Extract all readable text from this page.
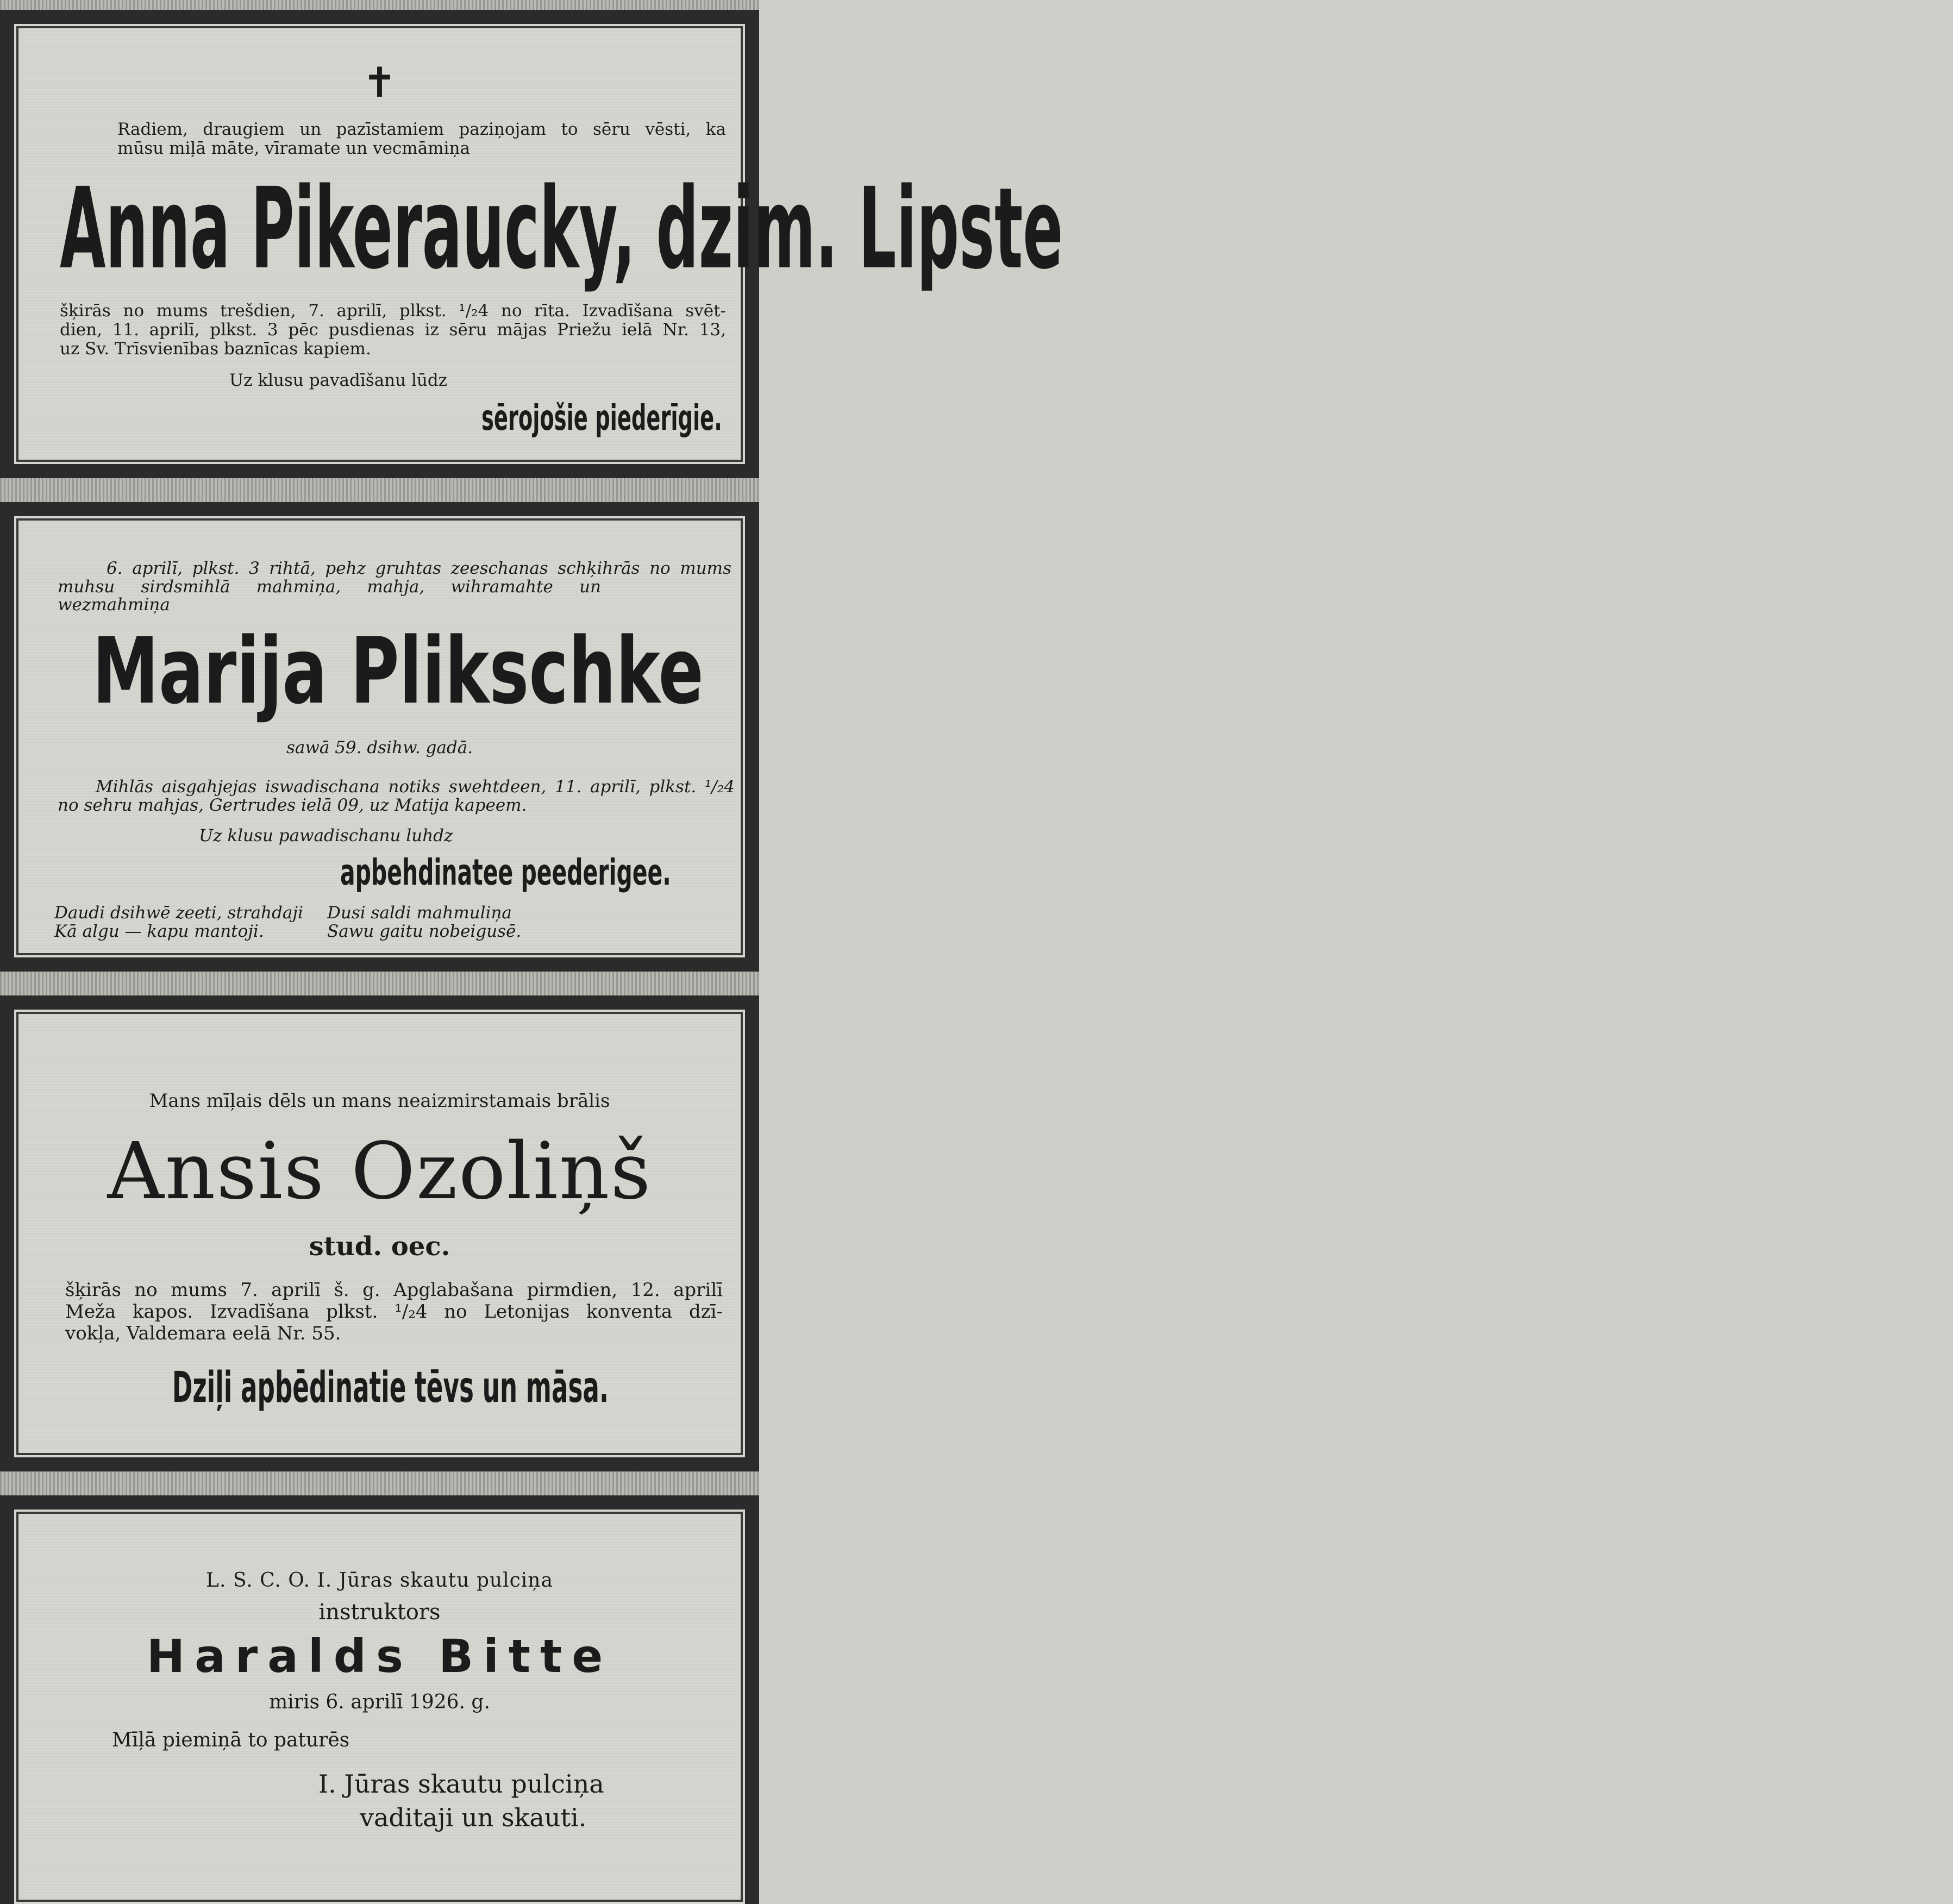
✝

Radiem, draugiem un pazīstamiem paziņojam to sēru vēsti, ka

mūsu miļā māte, vīramate un vecmāmiņa

Anna Pikeraucky, dzim. Lipste

šķirās no mums trešdien, 7. aprilī, plkst. ¹/₂4 no rīta. Izvadīšana svēt-

dien, 11. aprilī, plkst. 3 pēc pusdienas iz sēru mājas Priežu ielā Nr. 13,

uz Sv. Trīsvienības baznīcas kapiem.

Uz klusu pavadīšanu lūdz

sērojošie piederīgie.

6. aprilī, plkst. 3 rihtā, pehz gruhtas zeeschanas schķihrās no mums

muhsu sirdsmihlā mahmiņa, mahja, wihramahte un wezmahmiņa

Marija Plikschke

sawā 59. dsihw. gadā.

Mihlās aisgahjejas iswadischana notiks swehtdeen, 11. aprilī, plkst. ¹/₂4

no sehru mahjas, Gertrudes ielā 09, uz Matija kapeem.

Uz klusu pawadischanu luhdz

apbehdinatee peederigee.

Daudi dsihwē zeeti, strahdaji

Kā algu — kapu mantoji.

Dusi saldi mahmuliņa

Sawu gaitu nobeigusē.

Mans mīļais dēls un mans neaizmirstamais brālis

Ansis Ozoliņš

stud. oec.

šķirās no mums 7. aprilī š. g. Apglabašana pirmdien, 12. aprilī

Meža kapos. Izvadīšana plkst. ¹/₂4 no Letonijas konventa dzī-

vokļa, Valdemara eelā Nr. 55.

Dziļi apbēdinatie tēvs un māsa.

L. S. C. O. I. Jūras skautu pulciņa

instruktors

Haralds Bitte

miris 6. aprilī 1926. g.

Mīļā piemiņā to paturēs

I. Jūras skautu pulciņa

vaditaji un skauti.
